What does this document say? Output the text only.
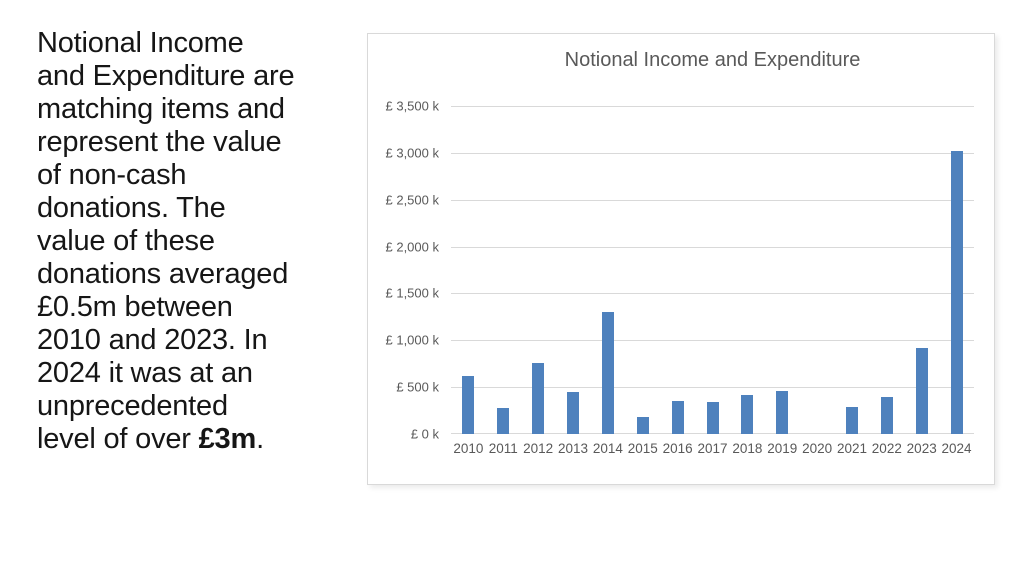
Notional Income
and Expenditure are
matching items and
represent the value
of non-cash
donations. The
value of these
donations averaged
£0.5m between
2010 and 2023. In
2024 it was at an
unprecedented
level of over £3m.
Notional Income and Expenditure
£ 3,500 k
£ 3,000 k
£ 2,500 k
£ 2,000 k
£ 1,500 k
£ 1,000 k
£ 500 k
£ 0 k
2010 2011 2012 2013 2014 2015 2016 2017 2018 2019 2020 2021 2022 2023 2024
